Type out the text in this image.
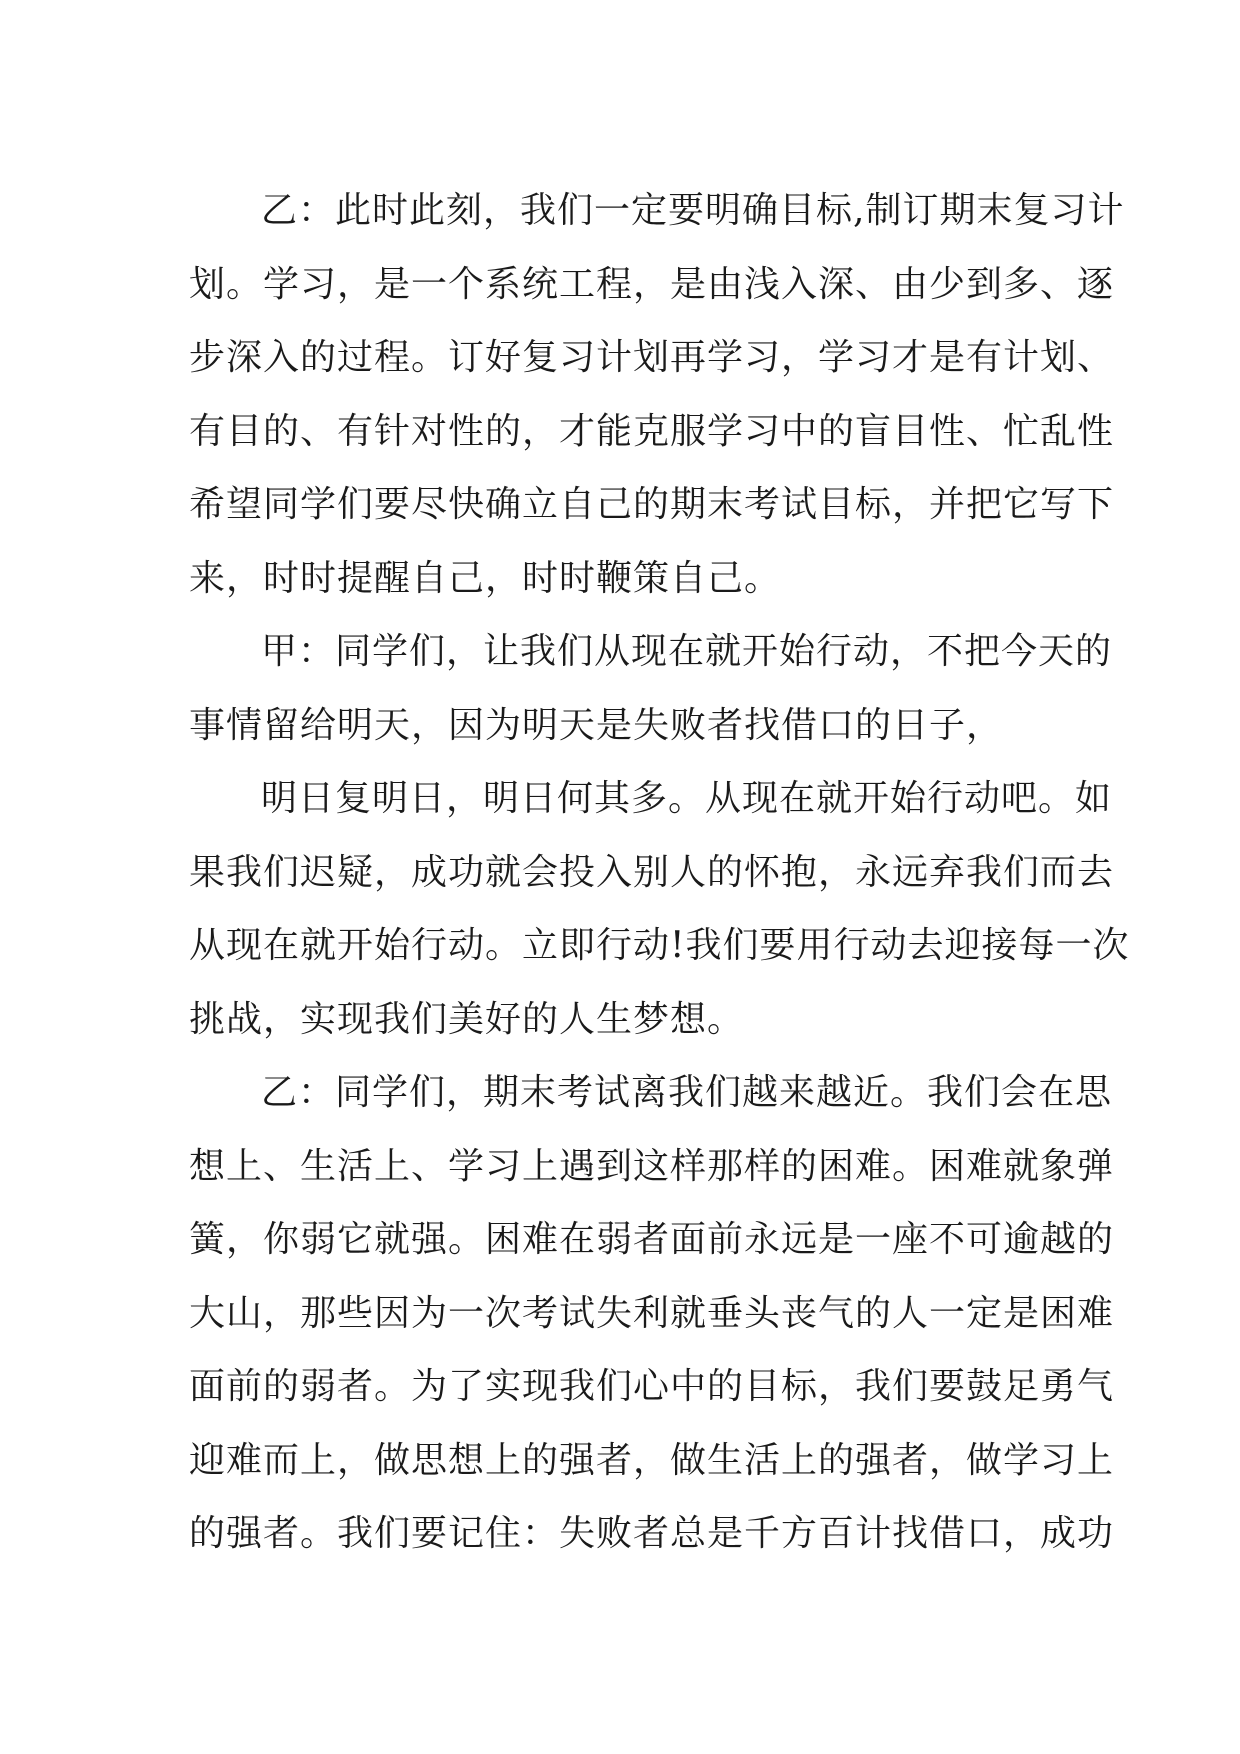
乙：此时此刻，我们一定要明确目标,制订期末复习计
划。学习，是一个系统工程，是由浅入深、由少到多、逐
步深入的过程。订好复习计划再学习，学习才是有计划、
有目的、有针对性的，才能克服学习中的盲目性、忙乱性
希望同学们要尽快确立自己的期末考试目标，并把它写下
来，时时提醒自己，时时鞭策自己。
甲：同学们，让我们从现在就开始行动，不把今天的
事情留给明天，因为明天是失败者找借口的日子，
明日复明日，明日何其多。从现在就开始行动吧。如
果我们迟疑，成功就会投入别人的怀抱，永远弃我们而去
从现在就开始行动。立即行动!我们要用行动去迎接每一次
挑战，实现我们美好的人生梦想。
乙：同学们，期末考试离我们越来越近。我们会在思
想上、生活上、学习上遇到这样那样的困难。困难就象弹
簧，你弱它就强。困难在弱者面前永远是一座不可逾越的
大山，那些因为一次考试失利就垂头丧气的人一定是困难
面前的弱者。为了实现我们心中的目标，我们要鼓足勇气
迎难而上，做思想上的强者，做生活上的强者，做学习上
的强者。我们要记住：失败者总是千方百计找借口，成功
